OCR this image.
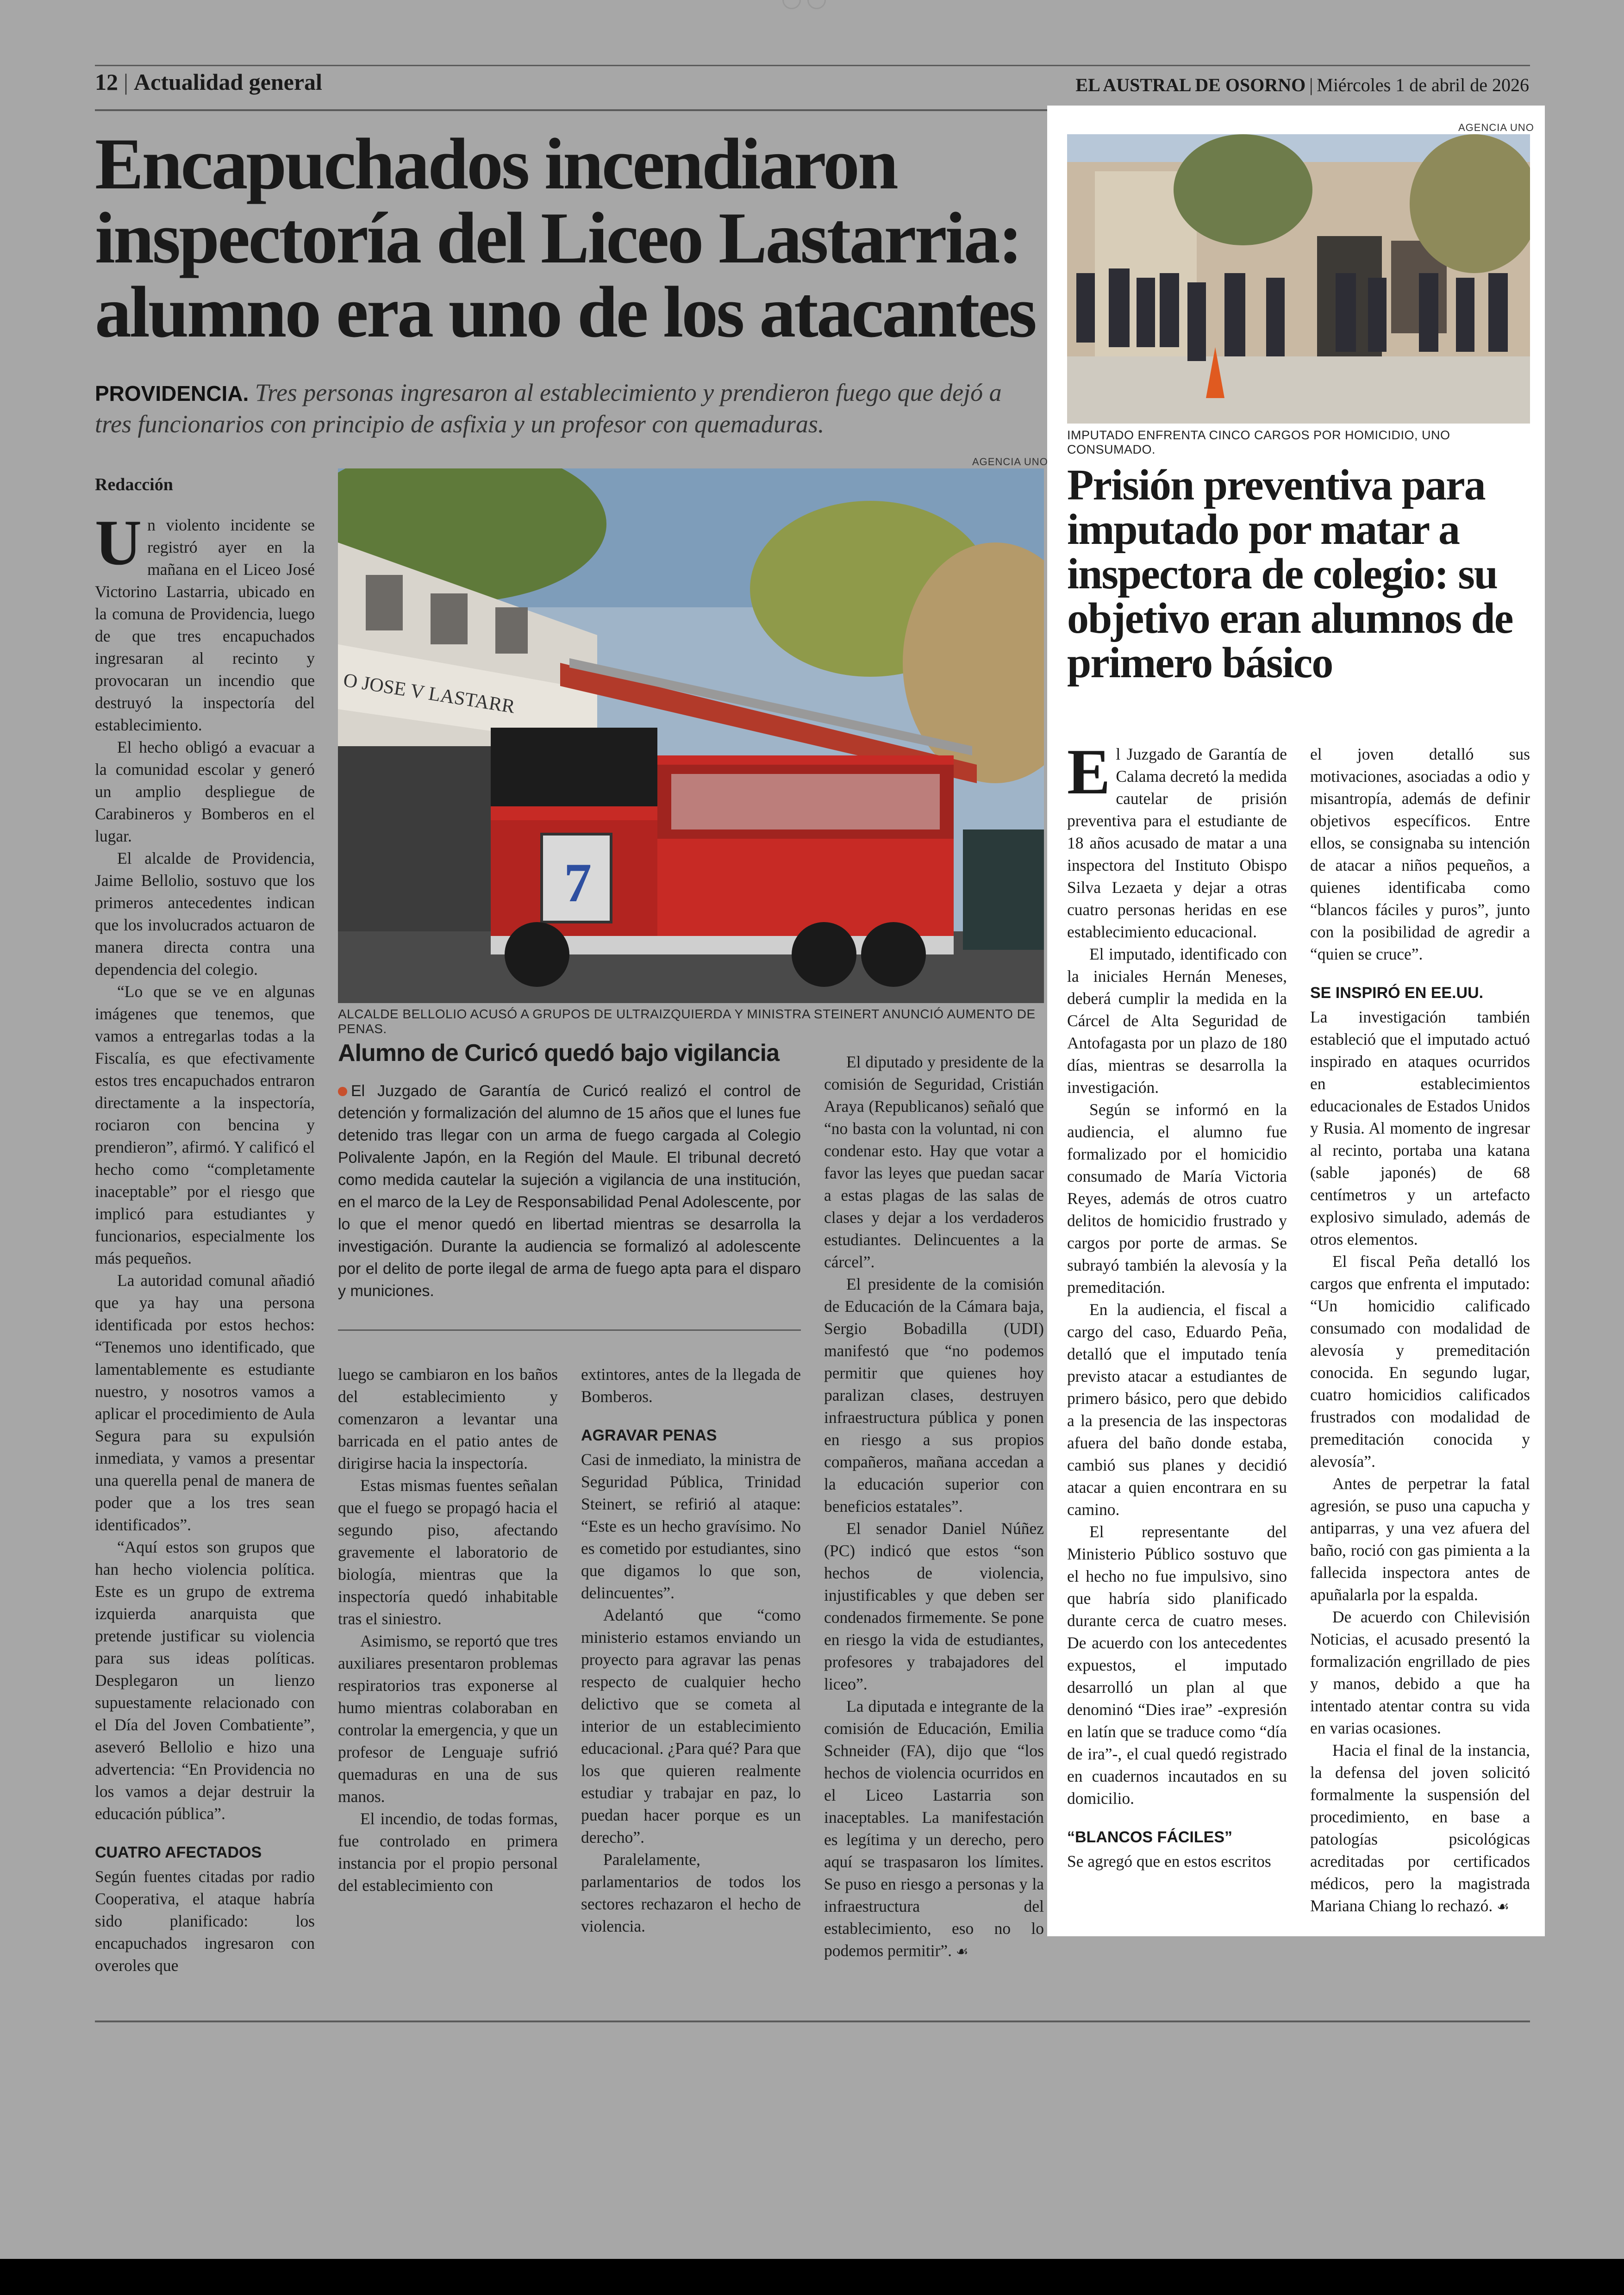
12 | Actualidad general	EL AUSTRAL DE OSORNO | Miércoles 1 de abril de 2026
Encapuchados incendiaron inspectoría del Liceo Lastarria: alumno era uno de los atacantes
PROVIDENCIA. Tres personas ingresaron al establecimiento y prendieron fuego que dejó a tres funcionarios con principio de asfixia y un profesor con quemaduras.
Redacción
AGENCIA UNO
O JOSE V LASTARR
7
ALCALDE BELLOLIO ACUSÓ A GRUPOS DE ULTRAIZQUIERDA Y MINISTRA STEINERT ANUNCIÓ AUMENTO DE PENAS.

Un violento incidente se registró ayer en la mañana en el Liceo José Victorino Lastarria, ubicado en la comuna de Providencia, luego de que tres encapuchados ingresaran al recinto y provocaran un incendio que destruyó la inspectoría del establecimiento.

El hecho obligó a evacuar a la comunidad escolar y generó un amplio despliegue de Carabineros y Bomberos en el lugar.

El alcalde de Providencia, Jaime Bellolio, sostuvo que los primeros antecedentes indican que los involucrados actuaron de manera directa contra una dependencia del colegio.

“Lo que se ve en algunas imágenes que tenemos, que vamos a entregarlas todas a la Fiscalía, es que efectivamente estos tres encapuchados entraron directamente a la inspectoría, rociaron con bencina y prendieron”, afirmó. Y calificó el hecho como “completamente inaceptable” por el riesgo que implicó para estudiantes y funcionarios, especialmente los más pequeños.

La autoridad comunal añadió que ya hay una persona identificada por estos hechos: “Tenemos uno identificado, que lamentablemente es estudiante nuestro, y nosotros vamos a aplicar el procedimiento de Aula Segura para su expulsión inmediata, y vamos a presentar una querella penal de manera de poder que a los tres sean identificados”.

“Aquí estos son grupos que han hecho violencia política. Este es un grupo de extrema izquierda anarquista que pretende justificar su violencia para sus ideas políticas. Desplegaron un lienzo supuestamente relacionado con el Día del Joven Combatiente”, aseveró Bellolio e hizo una advertencia: “En Providencia no los vamos a dejar destruir la educación pública”.

CUATRO AFECTADOS

Según fuentes citadas por radio Cooperativa, el ataque habría sido planificado: los encapuchados ingresaron con overoles que

Alumno de Curicó quedó bajo vigilancia
El Juzgado de Garantía de Curicó realizó el control de detención y formalización del alumno de 15 años que el lunes fue detenido tras llegar con un arma de fuego cargada al Colegio Polivalente Japón, en la Región del Maule. El tribunal decretó como medida cautelar la sujeción a vigilancia de una institución, en el marco de la Ley de Responsabilidad Penal Adolescente, por lo que el menor quedó en libertad mientras se desarrolla la investigación. Durante la audiencia se formalizó al adolescente por el delito de porte ilegal de arma de fuego apta para el disparo y municiones.

luego se cambiaron en los baños del establecimiento y comenzaron a levantar una barricada en el patio antes de dirigirse hacia la inspectoría.

Estas mismas fuentes señalan que el fuego se propagó hacia el segundo piso, afectando gravemente el laboratorio de biología, mientras que la inspectoría quedó inhabitable tras el siniestro.

Asimismo, se reportó que tres auxiliares presentaron problemas respiratorios tras exponerse al humo mientras colaboraban en controlar la emergencia, y que un profesor de Lenguaje sufrió quemaduras en una de sus manos.

El incendio, de todas formas, fue controlado en primera instancia por el propio personal del establecimiento con

extintores, antes de la llegada de Bomberos.

AGRAVAR PENAS

Casi de inmediato, la ministra de Seguridad Pública, Trinidad Steinert, se refirió al ataque: “Este es un hecho gravísimo. No es cometido por estudiantes, sino que digamos lo que son, delincuentes”.

Adelantó que “como ministerio estamos enviando un proyecto para agravar las penas respecto de cualquier hecho delictivo que se cometa al interior de un establecimiento educacional. ¿Para qué? Para que los que quieren realmente estudiar y trabajar en paz, lo puedan hacer porque es un derecho”.

Paralelamente, parlamentarios de todos los sectores rechazaron el hecho de violencia.

El diputado y presidente de la comisión de Seguridad, Cristián Araya (Republicanos) señaló que “no basta con la voluntad, ni con condenar esto. Hay que votar a favor las leyes que puedan sacar a estas plagas de las salas de clases y dejar a los verdaderos estudiantes. Delincuentes a la cárcel”.

El presidente de la comisión de Educación de la Cámara baja, Sergio Bobadilla (UDI) manifestó que “no podemos permitir que quienes hoy paralizan clases, destruyen infraestructura pública y ponen en riesgo a sus propios compañeros, mañana accedan a la educación superior con beneficios estatales”.

El senador Daniel Núñez (PC) indicó que estos “son hechos de violencia, injustificables y que deben ser condenados firmemente. Se pone en riesgo la vida de estudiantes, profesores y trabajadores del liceo”.

La diputada e integrante de la comisión de Educación, Emilia Schneider (FA), dijo que “los hechos de violencia ocurridos en el Liceo Lastarria son inaceptables. La manifestación es legítima y un derecho, pero aquí se traspasaron los límites. Se puso en riesgo a personas y la infraestructura del establecimiento, eso no lo podemos permitir”. ☙

AGENCIA UNO
IMPUTADO ENFRENTA CINCO CARGOS POR HOMICIDIO, UNO CONSUMADO.
Prisión preventiva para imputado por matar a inspectora de colegio: su objetivo eran alumnos de primero básico

El Juzgado de Garantía de Calama decretó la medida cautelar de prisión preventiva para el estudiante de 18 años acusado de matar a una inspectora del Instituto Obispo Silva Lezaeta y dejar a otras cuatro personas heridas en ese establecimiento educacional.

El imputado, identificado con la iniciales Hernán Meneses, deberá cumplir la medida en la Cárcel de Alta Seguridad de Antofagasta por un plazo de 180 días, mientras se desarrolla la investigación.

Según se informó en la audiencia, el alumno fue formalizado por el homicidio consumado de María Victoria Reyes, además de otros cuatro delitos de homicidio frustrado y cargos por porte de armas. Se subrayó también la alevosía y la premeditación.

En la audiencia, el fiscal a cargo del caso, Eduardo Peña, detalló que el imputado tenía previsto atacar a estudiantes de primero básico, pero que debido a la presencia de las inspectoras afuera del baño donde estaba, cambió sus planes y decidió atacar a quien encontrara en su camino.

El representante del Ministerio Público sostuvo que el hecho no fue impulsivo, sino que habría sido planificado durante cerca de cuatro meses. De acuerdo con los antecedentes expuestos, el imputado desarrolló un plan al que denominó “Dies irae” -expresión en latín que se traduce como “día de ira”-, el cual quedó registrado en cuadernos incautados en su domicilio.

“BLANCOS FÁCILES”

Se agregó que en estos escritos

el joven detalló sus motivaciones, asociadas a odio y misantropía, además de definir objetivos específicos. Entre ellos, se consignaba su intención de atacar a niños pequeños, a quienes identificaba como “blancos fáciles y puros”, junto con la posibilidad de agredir a “quien se cruce”.

SE INSPIRÓ EN EE.UU.

La investigación también estableció que el imputado actuó inspirado en ataques ocurridos en establecimientos educacionales de Estados Unidos y Rusia. Al momento de ingresar al recinto, portaba una katana (sable japonés) de 68 centímetros y un artefacto explosivo simulado, además de otros elementos.

El fiscal Peña detalló los cargos que enfrenta el imputado: “Un homicidio calificado consumado con modalidad de alevosía y premeditación conocida. En segundo lugar, cuatro homicidios calificados frustrados con modalidad de premeditación conocida y alevosía”.

Antes de perpetrar la fatal agresión, se puso una capucha y antiparras, y una vez afuera del baño, roció con gas pimienta a la fallecida inspectora antes de apuñalarla por la espalda.

De acuerdo con Chilevisión Noticias, el acusado presentó la formalización engrillado de pies y manos, debido a que ha intentado atentar contra su vida en varias ocasiones.

Hacia el final de la instancia, la defensa del joven solicitó formalmente la suspensión del procedimiento, en base a patologías psicológicas acreditadas por certificados médicos, pero la magistrada Mariana Chiang lo rechazó. ☙
